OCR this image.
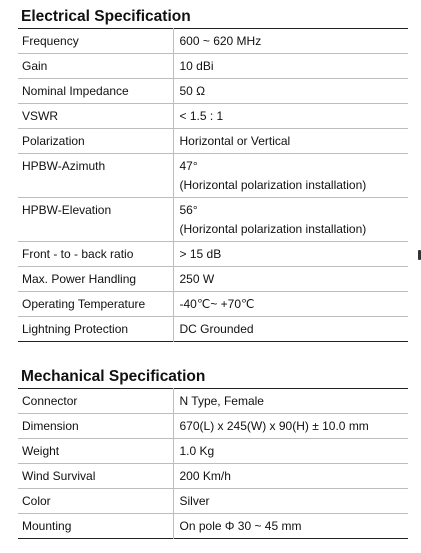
Electrical Specification
Frequency	600 ~ 620 MHz

Gain	10 dBi

Nominal Impedance	50 Ω

VSWR	< 1.5 : 1

Polarization	Horizontal or Vertical

HPBW-Azimuth	47°
(Horizontal polarization installation)

HPBW-Elevation	56°
(Horizontal polarization installation)

Front - to - back ratio	> 15 dB

Max. Power Handling	250 W

Operating Temperature	-40℃~ +70℃

Lightning Protection	DC Grounded
Mechanical Specification
Connector	N Type, Female

Dimension	670(L) x 245(W) x 90(H) ± 10.0 mm

Weight	1.0 Kg

Wind Survival	200 Km/h

Color	Silver

Mounting	On pole Φ 30 ~ 45 mm
